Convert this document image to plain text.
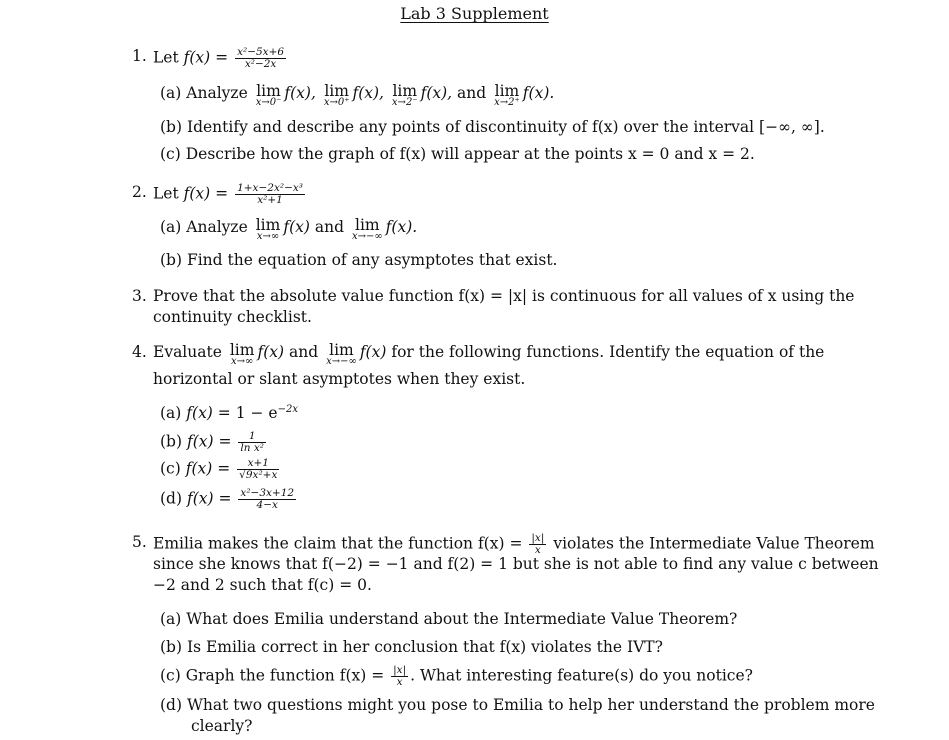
Lab 3 Supplement
1. Let $f(x) = \frac{\text{x²−5x+6}}{\text{x²−2x}}$
(a) Analyze lim
x→0⁻
f(x), lim
x→0⁺
f(x), lim
x→2⁻
f(x), and lim
x→2⁺
f(x).
(b) Identify and describe any points of discontinuity of f(x) over the interval [−∞, ∞].
(c) Describe how the graph of f(x) will appear at the points x = 0 and x = 2.
2. Let $f(x) = \frac{\text{1+x−2x²−x³}}{\text{x²+1}}$
(a) Analyze lim
x→∞
f(x) and lim
x→−∞
f(x).
(b) Find the equation of any asymptotes that exist.
3. Prove that the absolute value function f(x) = |x| is continuous for all values of x using the
continuity checklist.
4. Evaluate lim
x→∞
f(x) and lim
x→−∞
f(x) for the following functions. Identify the equation of the
horizontal or slant asymptotes when they exist.
(a) $f(x) = 1 - e^{-2x}$
(b) $f(x) = \frac{1}{\text{ln x²}}$
(c) $f(x) = \frac{x+1}{\text{√9x²+x}}$
(d) $f(x) = \frac{\text{x²−3x+12}}{4-x}$
5. Emilia makes the claim that the function $f(x) = \frac{|x|}{x}$ violates the Intermediate Value Theorem
since she knows that f(−2) = −1 and f(2) = 1 but she is not able to find any value c between
−2 and 2 such that f(c) = 0.
(a) What does Emilia understand about the Intermediate Value Theorem?
(b) Is Emilia correct in her conclusion that f(x) violates the IVT?
(c) Graph the function $f(x) = \frac{|x|}{x}$ . What interesting feature(s) do you notice?
(d) What two questions might you pose to Emilia to help her understand the problem more
clearly?
